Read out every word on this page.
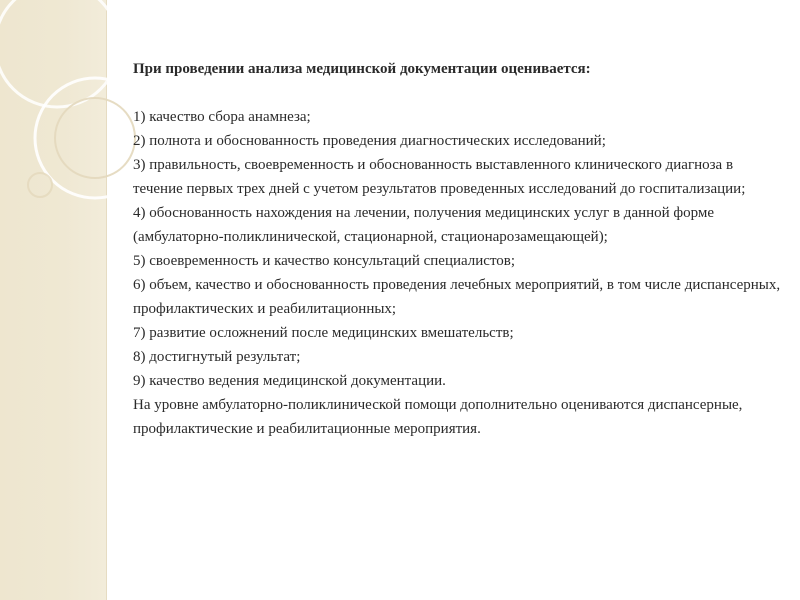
При проведении анализа медицинской документации оценивается:

1) качество сбора анамнеза;
2) полнота и обоснованность проведения диагностических исследований;
3) правильность, своевременность и обоснованность выставленного клинического диагноза в течение первых трех дней с учетом результатов проведенных исследований до госпитализации;
4) обоснованность нахождения на лечении, получения медицинских услуг в данной форме (амбулаторно-поликлинической, стационарной, стационарозамещающей);
5) своевременность и качество консультаций специалистов;
6) объем, качество и обоснованность проведения лечебных мероприятий, в том числе диспансерных, профилактических и реабилитационных;
7) развитие осложнений после медицинских вмешательств;
8) достигнутый результат;
9) качество ведения медицинской документации.

На уровне амбулаторно-поликлинической помощи дополнительно оцениваются диспансерные, профилактические и реабилитационные мероприятия.
